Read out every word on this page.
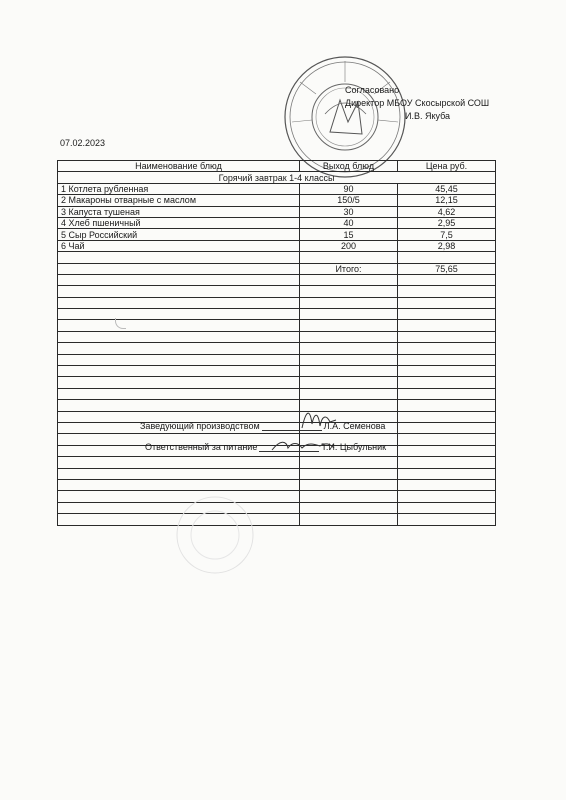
Согласовано
Директор МБОУ Скосырской СОШ
И.В. Якуба
07.02.2023
Наименование блюд	Выход блюд	Цена руб.
Горячий завтрак 1-4 классы		
1 Котлета рубленная	90	45,45
2 Макароны отварные с маслом	150/5	12,15
3 Капуста тушеная	30	4,62
4 Хлеб пшеничный	40	2,95
5 Сыр Российский	15	7,5
6 Чай	200	2,98

	Итого:	75,65

Заведующий производством	Л.А. Семенова
Ответственный за питание	Т.И. Цыбульник
